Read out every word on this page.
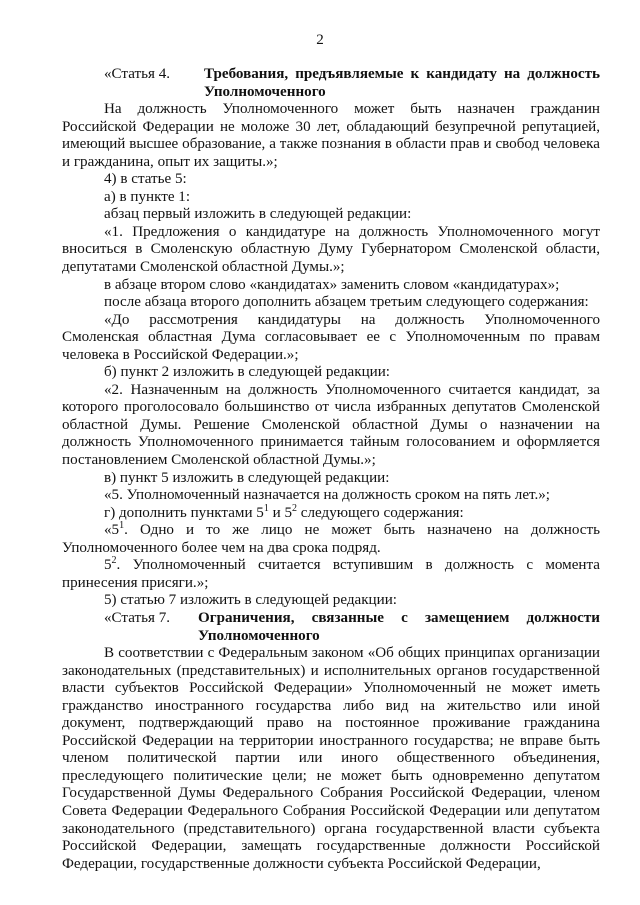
2
«Статья 4.	Требования, предъявляемые к кандидату на должность Уполномоченного

На должность Уполномоченного может быть назначен гражданин Российской Федерации не моложе 30 лет, обладающий безупречной репутацией, имеющий высшее образование, а также познания в области прав и свобод человека и гражданина, опыт их защиты.»;

4) в статье 5:

а) в пункте 1:

абзац первый изложить в следующей редакции:

«1. Предложения о кандидатуре на должность Уполномоченного могут вноситься в Смоленскую областную Думу Губернатором Смоленской области, депутатами Смоленской областной Думы.»;

в абзаце втором слово «кандидатах» заменить словом «кандидатурах»;

после абзаца второго дополнить абзацем третьим следующего содержания:

«До рассмотрения кандидатуры на должность Уполномоченного Смоленская областная Дума согласовывает ее с Уполномоченным по правам человека в Российской Федерации.»;

б) пункт 2 изложить в следующей редакции:

«2. Назначенным на должность Уполномоченного считается кандидат, за которого проголосовало большинство от числа избранных депутатов Смоленской областной Думы. Решение Смоленской областной Думы о назначении на должность Уполномоченного принимается тайным голосованием и оформляется постановлением Смоленской областной Думы.»;

в) пункт 5 изложить в следующей редакции:

«5. Уполномоченный назначается на должность сроком на пять лет.»;

г) дополнить пунктами $5^1$ и $5^2$ следующего содержания:

«$5^1$. Одно и то же лицо не может быть назначено на должность Уполномоченного более чем на два срока подряд.

$5^2$. Уполномоченный считается вступившим в должность с момента принесения присяги.»;

5) статью 7 изложить в следующей редакции:

«Статья 7.	Ограничения, связанные с замещением должности Уполномоченного

В соответствии с Федеральным законом «Об общих принципах организации законодательных (представительных) и исполнительных органов государственной власти субъектов Российской Федерации» Уполномоченный не может иметь гражданство иностранного государства либо вид на жительство или иной документ, подтверждающий право на постоянное проживание гражданина Российской Федерации на территории иностранного государства; не вправе быть членом политической партии или иного общественного объединения, преследующего политические цели; не может быть одновременно депутатом Государственной Думы Федерального Собрания Российской Федерации, членом Совета Федерации Федерального Собрания Российской Федерации или депутатом законодательного (представительного) органа государственной власти субъекта Российской Федерации, замещать государственные должности Российской Федерации, государственные должности субъекта Российской Федерации,
